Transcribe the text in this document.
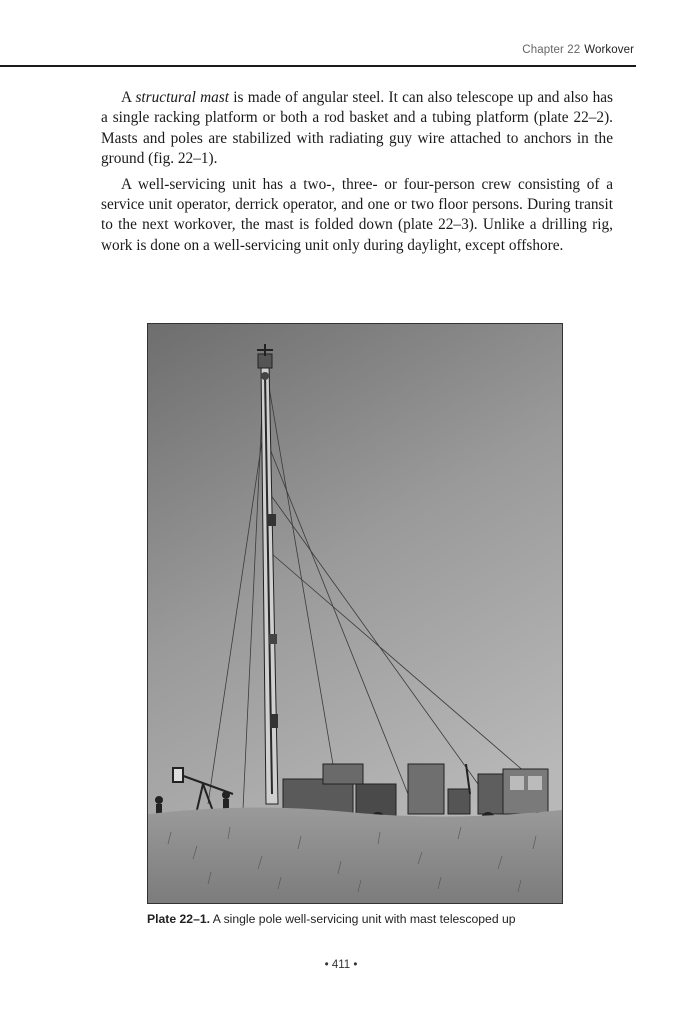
Chapter 22 Workover

A structural mast is made of angular steel. It can also telescope up and also has a single racking platform or both a rod basket and a tubing platform (plate 22–2). Masts and poles are stabilized with radiating guy wire attached to anchors in the ground (fig. 22–1).

A well-servicing unit has a two-, three- or four-person crew consisting of a service unit operator, derrick operator, and one or two floor persons. During transit to the next workover, the mast is folded down (plate 22–3). Unlike a drilling rig, work is done on a well-servicing unit only during daylight, except offshore.

Plate 22–1. A single pole well-servicing unit with mast telescoped up
• 411 •
